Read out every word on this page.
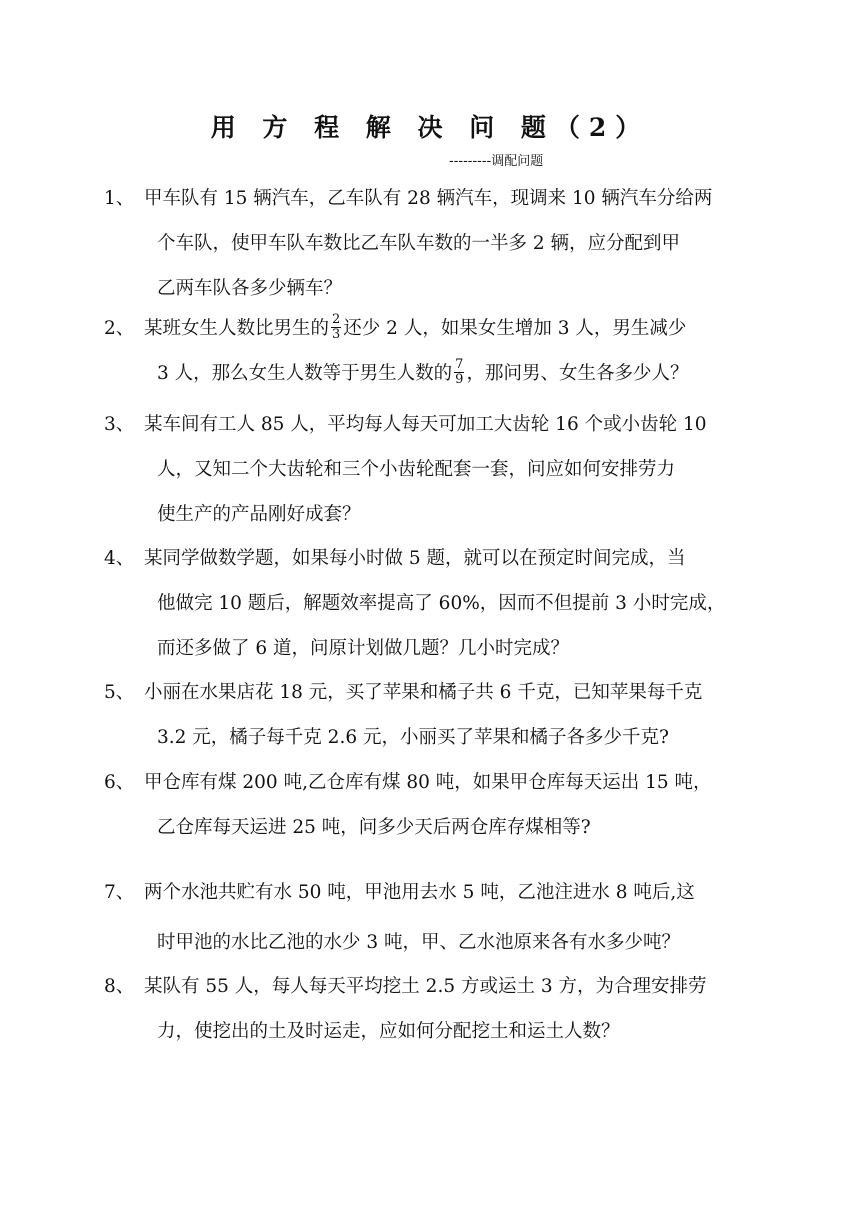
用 方 程 解 决 问 题（2）
---------调配问题
1、 甲车队有 15 辆汽车，乙车队有 28 辆汽车，现调来 10 辆汽车分给两
个车队，使甲车队车数比乙车队车数的一半多 2 辆，应分配到甲
乙两车队各多少辆车？
2、 某班女生人数比男生的 $\frac{2}{3}$ 还少 2 人，如果女生增加 3 人，男生减少
3 人，那么女生人数等于男生人数的 $\frac{7}{9}$ ，那问男、女生各多少人？
3、 某车间有工人 85 人，平均每人每天可加工大齿轮 16 个或小齿轮 10
人，又知二个大齿轮和三个小齿轮配套一套，问应如何安排劳力
使生产的产品刚好成套？
4、 某同学做数学题，如果每小时做 5 题，就可以在预定时间完成，当
他做完 10 题后，解题效率提高了 60%，因而不但提前 3 小时完成，
而还多做了 6 道，问原计划做几题？几小时完成？
5、 小丽在水果店花 18 元，买了苹果和橘子共 6 千克，已知苹果每千克
3.2 元，橘子每千克 2.6 元，小丽买了苹果和橘子各多少千克?
6、 甲仓库有煤 200 吨,乙仓库有煤 80 吨，如果甲仓库每天运出 15 吨，
乙仓库每天运进 25 吨，问多少天后两仓库存煤相等?
7、 两个水池共贮有水 50 吨，甲池用去水 5 吨，乙池注进水 8 吨后,这
时甲池的水比乙池的水少 3 吨，甲、乙水池原来各有水多少吨？
8、 某队有 55 人，每人每天平均挖土 2.5 方或运土 3 方，为合理安排劳
力，使挖出的土及时运走，应如何分配挖土和运土人数？
